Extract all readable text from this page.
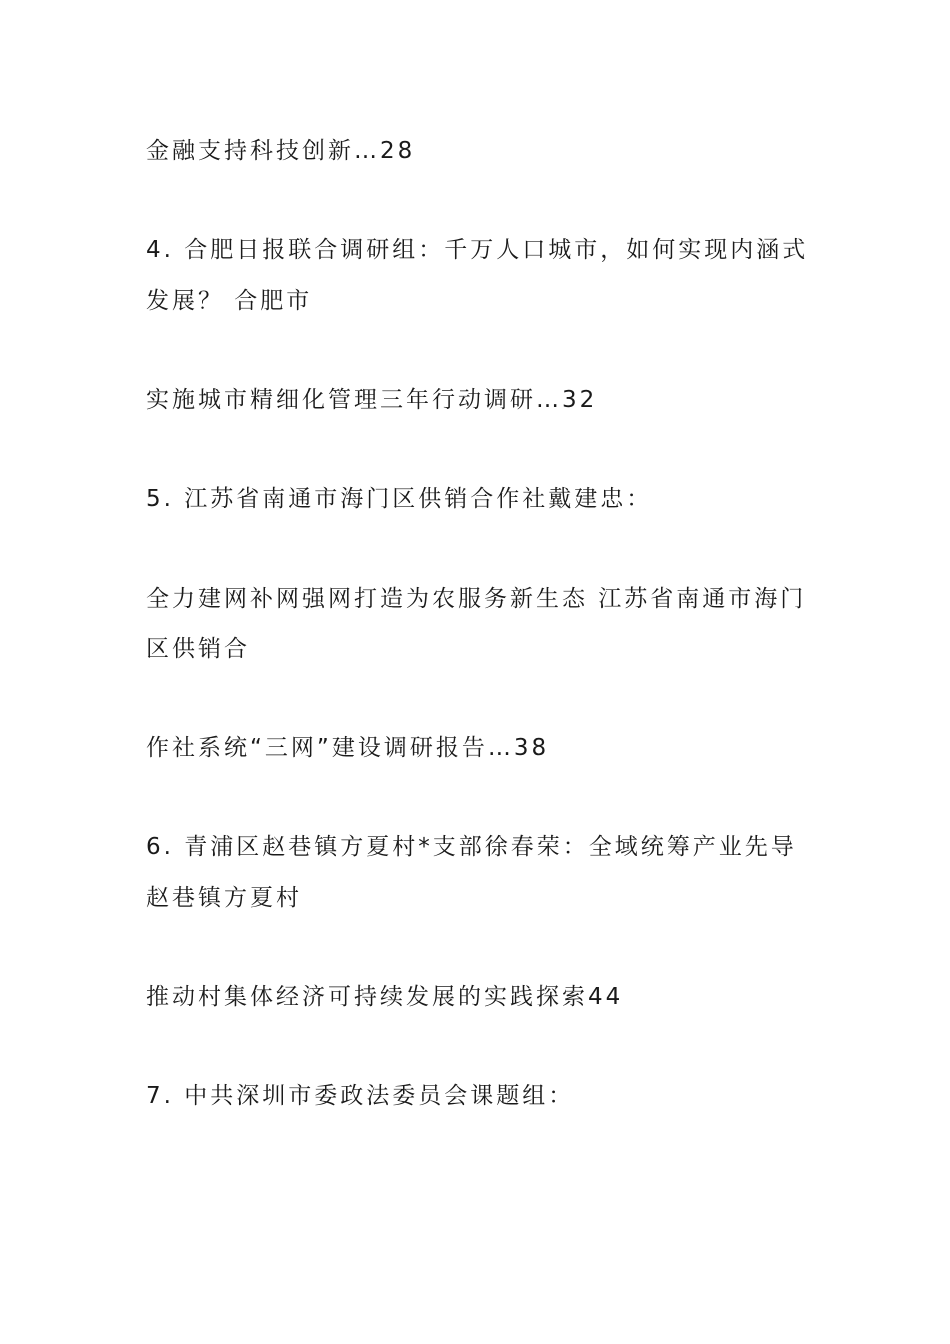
金融支持科技创新…28
4. 合肥日报联合调研组：千万人口城市，如何实现内涵式
发展？ 合肥市
实施城市精细化管理三年行动调研…32
5. 江苏省南通市海门区供销合作社戴建忠：
全力建网补网强网打造为农服务新生态 江苏省南通市海门
区供销合
作社系统“三网”建设调研报告…38
6. 青浦区赵巷镇方夏村*支部徐春荣：全域统筹产业先导
赵巷镇方夏村
推动村集体经济可持续发展的实践探索44
7. 中共深圳市委政法委员会课题组：
